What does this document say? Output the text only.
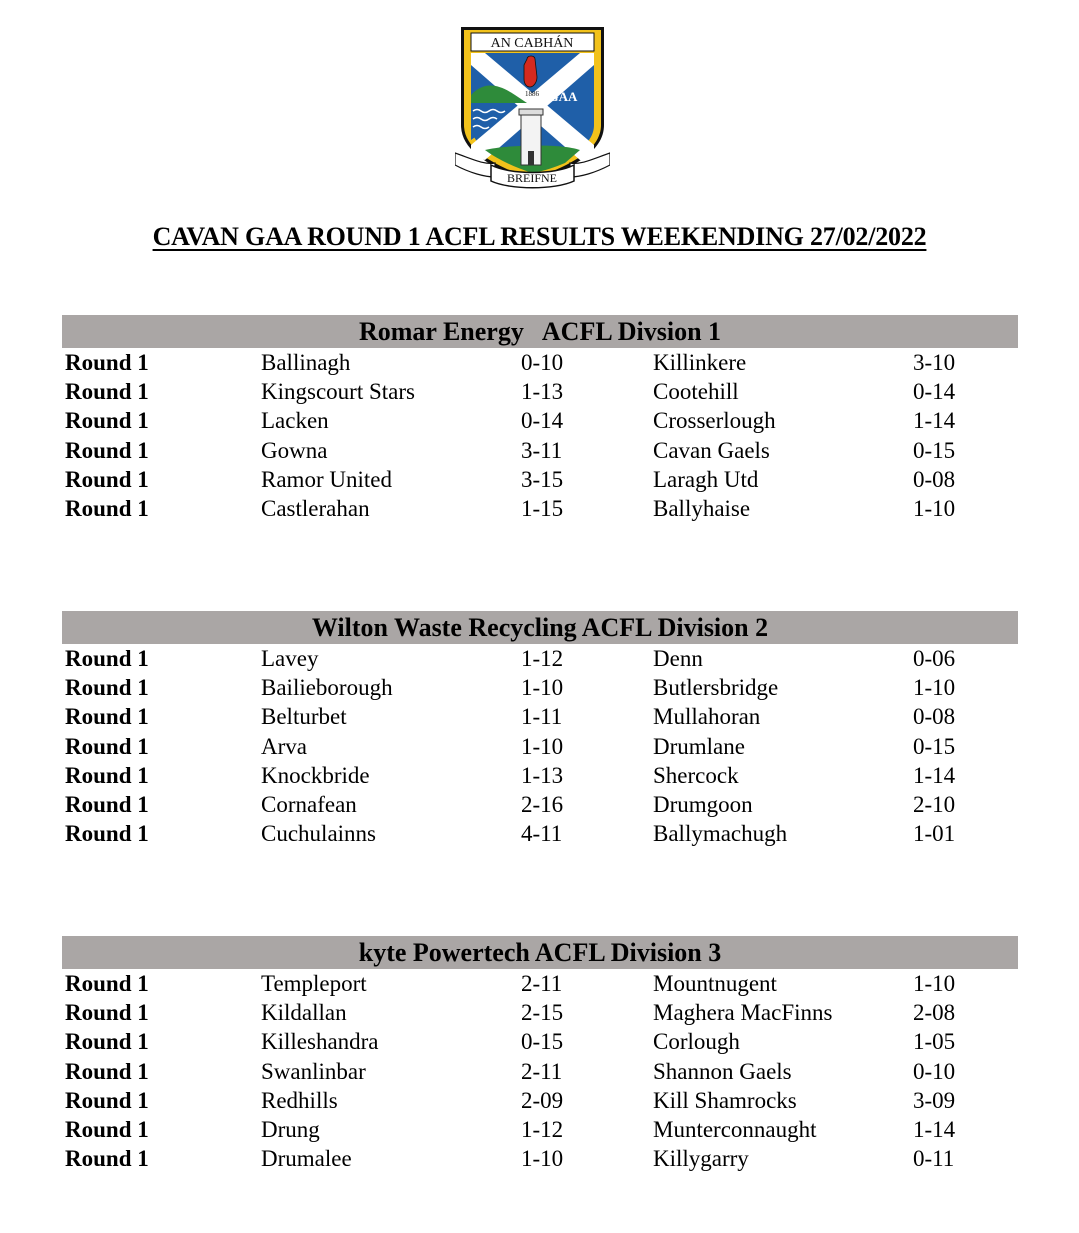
GAA
1886
AN CABHÁN
BREIFNE
CAVAN GAA ROUND 1 ACFL RESULTS WEEKENDING 27/02/2022
Romar Energy   ACFL Divsion 1
Round 1	Ballinagh	0-10	Killinkere	3-10
Round 1	Kingscourt Stars	1-13	Cootehill	0-14
Round 1	Lacken	0-14	Crosserlough	1-14
Round 1	Gowna	3-11	Cavan Gaels	0-15
Round 1	Ramor United	3-15	Laragh Utd	0-08
Round 1	Castlerahan	1-15	Ballyhaise	1-10
Wilton Waste Recycling ACFL Division 2
Round 1	Lavey	1-12	Denn	0-06
Round 1	Bailieborough	1-10	Butlersbridge	1-10
Round 1	Belturbet	1-11	Mullahoran	0-08
Round 1	Arva	1-10	Drumlane	0-15
Round 1	Knockbride	1-13	Shercock	1-14
Round 1	Cornafean	2-16	Drumgoon	2-10
Round 1	Cuchulainns	4-11	Ballymachugh	1-01
kyte Powertech ACFL Division 3
Round 1	Templeport	2-11	Mountnugent	1-10
Round 1	Kildallan	2-15	Maghera MacFinns	2-08
Round 1	Killeshandra	0-15	Corlough	1-05
Round 1	Swanlinbar	2-11	Shannon Gaels	0-10
Round 1	Redhills	2-09	Kill Shamrocks	3-09
Round 1	Drung	1-12	Munterconnaught	1-14
Round 1	Drumalee	1-10	Killygarry	0-11
